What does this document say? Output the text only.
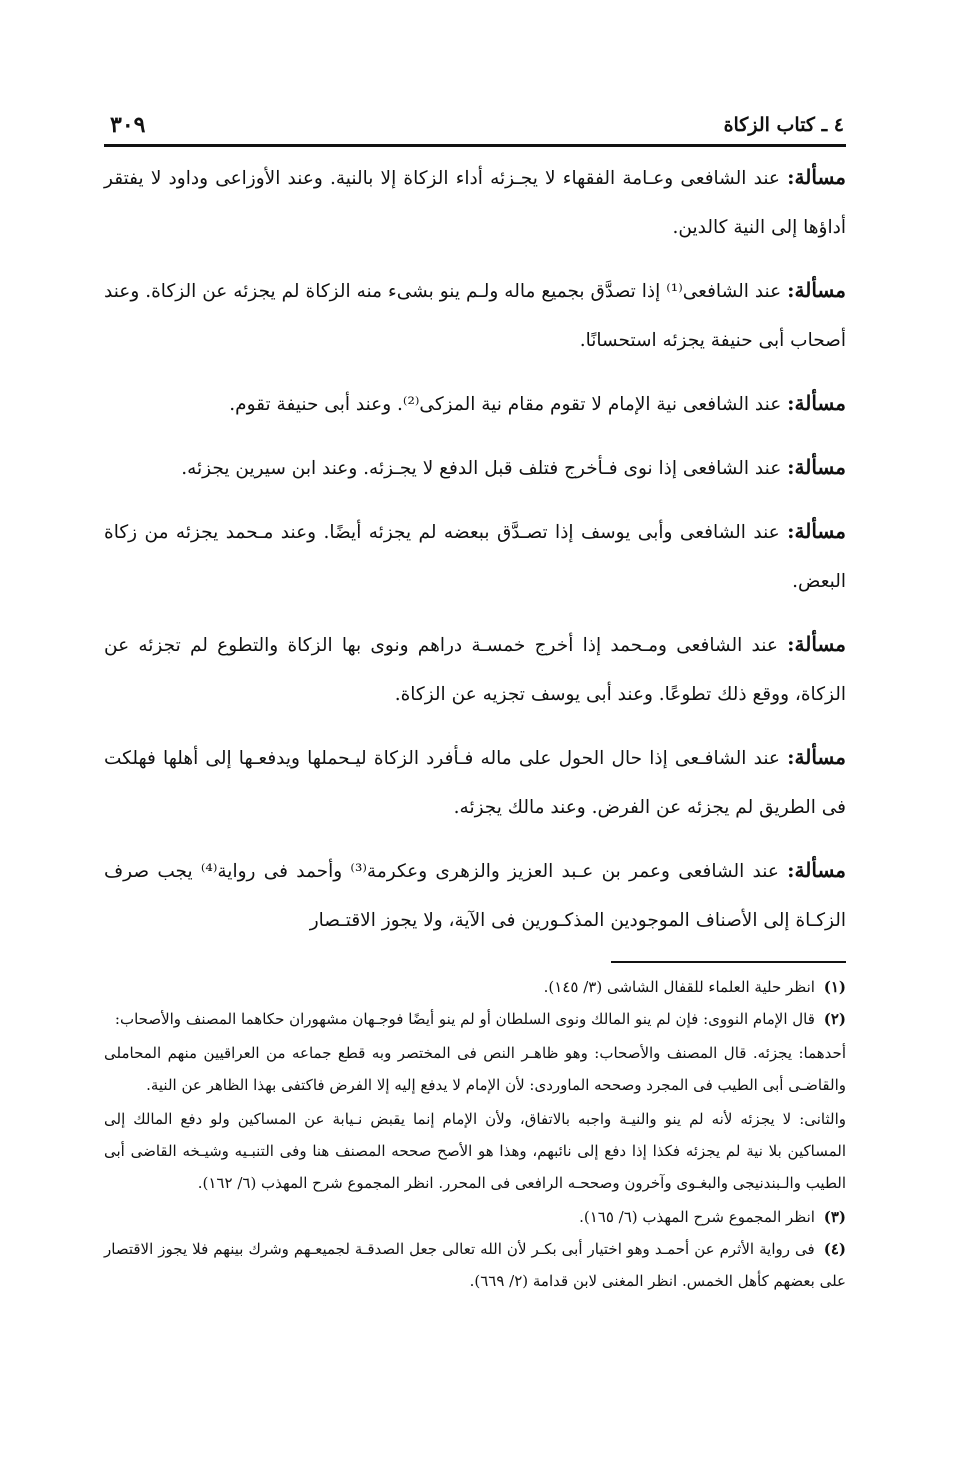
٤ ـ كتاب الزكاة
٣٠٩

مسألة: عند الشافعى وعـامة الفقهاء لا يجـزئه أداء الزكاة إلا بالنية. وعند الأوزاعى وداود لا يفتقر أداؤها إلى النية كالدين.

مسألة: عند الشافعى⁽¹⁾ إذا تصدَّق بجميع ماله ولـم ينو بشىء منه الزكاة لم يجزئه عن الزكاة. وعند أصحاب أبى حنيفة يجزئه استحسانًا.

مسألة: عند الشافعى نية الإمام لا تقوم مقام نية المزكى⁽²⁾. وعند أبى حنيفة تقوم.

مسألة: عند الشافعى إذا نوى فـأخرج فتلف قبل الدفع لا يجـزئه. وعند ابن سيرين يجزئه.

مسألة: عند الشافعى وأبى يوسف إذا تصـدَّق ببعضه لم يجزئه أيضًا. وعند مـحمد يجزئه من زكاة البعض.

مسألة: عند الشافعى ومـحمد إذا أخرج خمسـة دراهم ونوى بها الزكاة والتطوع لم تجزئه عن الزكاة، ووقع ذلك تطوعًا. وعند أبى يوسف تجزيه عن الزكاة.

مسألة: عند الشافـعى إذا حال الحول على ماله فـأفرد الزكاة ليـحملها ويدفعـها إلى أهلها فهلكت فى الطريق لم يجزئه عن الفرض. وعند مالك يجزئه.

مسألة: عند الشافعى وعمر بن عـبد العزيز والزهرى وعكرمة⁽³⁾ وأحمد فى رواية⁽⁴⁾ يجب صرف الزكـاة إلى الأصناف الموجودين المذكـورين فى الآية، ولا يجوز الاقتـصار

(١) انظر حلية العلماء للقفال الشاشى (٣/ ١٤٥).

(٢) قال الإمام النووى: فإن لم ينو المالك ونوى السلطان أو لم ينو أيضًا فوجـهان مشهوران حكاهما المصنف والأصحاب:

أحدهما: يجزئه. قال المصنف والأصحاب: وهو ظاهـر النص فى المختصر وبه قطع جماعه من العراقيين منهم المحاملى والقاضـى أبى الطيب فى المجرد وصححه الماوردى: لأن الإمام لا يدفع إليه إلا الفرض فاكتفى بهذا الظاهر عن النية.

والثانى: لا يجزئه لأنه لم ينو والنيـة واجبه بالاتفاق، ولأن الإمام إنما يقبض نـيابة عن المساكين ولو دفع المالك إلى المساكين بلا نية لم يجزئه فكذا إذا دفع إلى نائبهم، وهذا هو الأصح صححه المصنف هنا وفى التنبـيه وشيـخه القاضى أبى الطيب والـبندنيجى والبغـوى وآخرون وصححـه الرافعى فى المحرر. انظر المجموع شرح المهذب (٦/ ١٦٢).

(٣) انظر المجموع شرح المهذب (٦/ ١٦٥).

(٤) فى رواية الأثرم عن أحمـد وهو اختيار أبى بكـر لأن الله تعالى جعل الصدقـة لجميعـهم وشرك بينهم فلا يجوز الاقتصار على بعضهم كأهل الخمس. انظر المغنى لابن قدامة (٢/ ٦٦٩).
